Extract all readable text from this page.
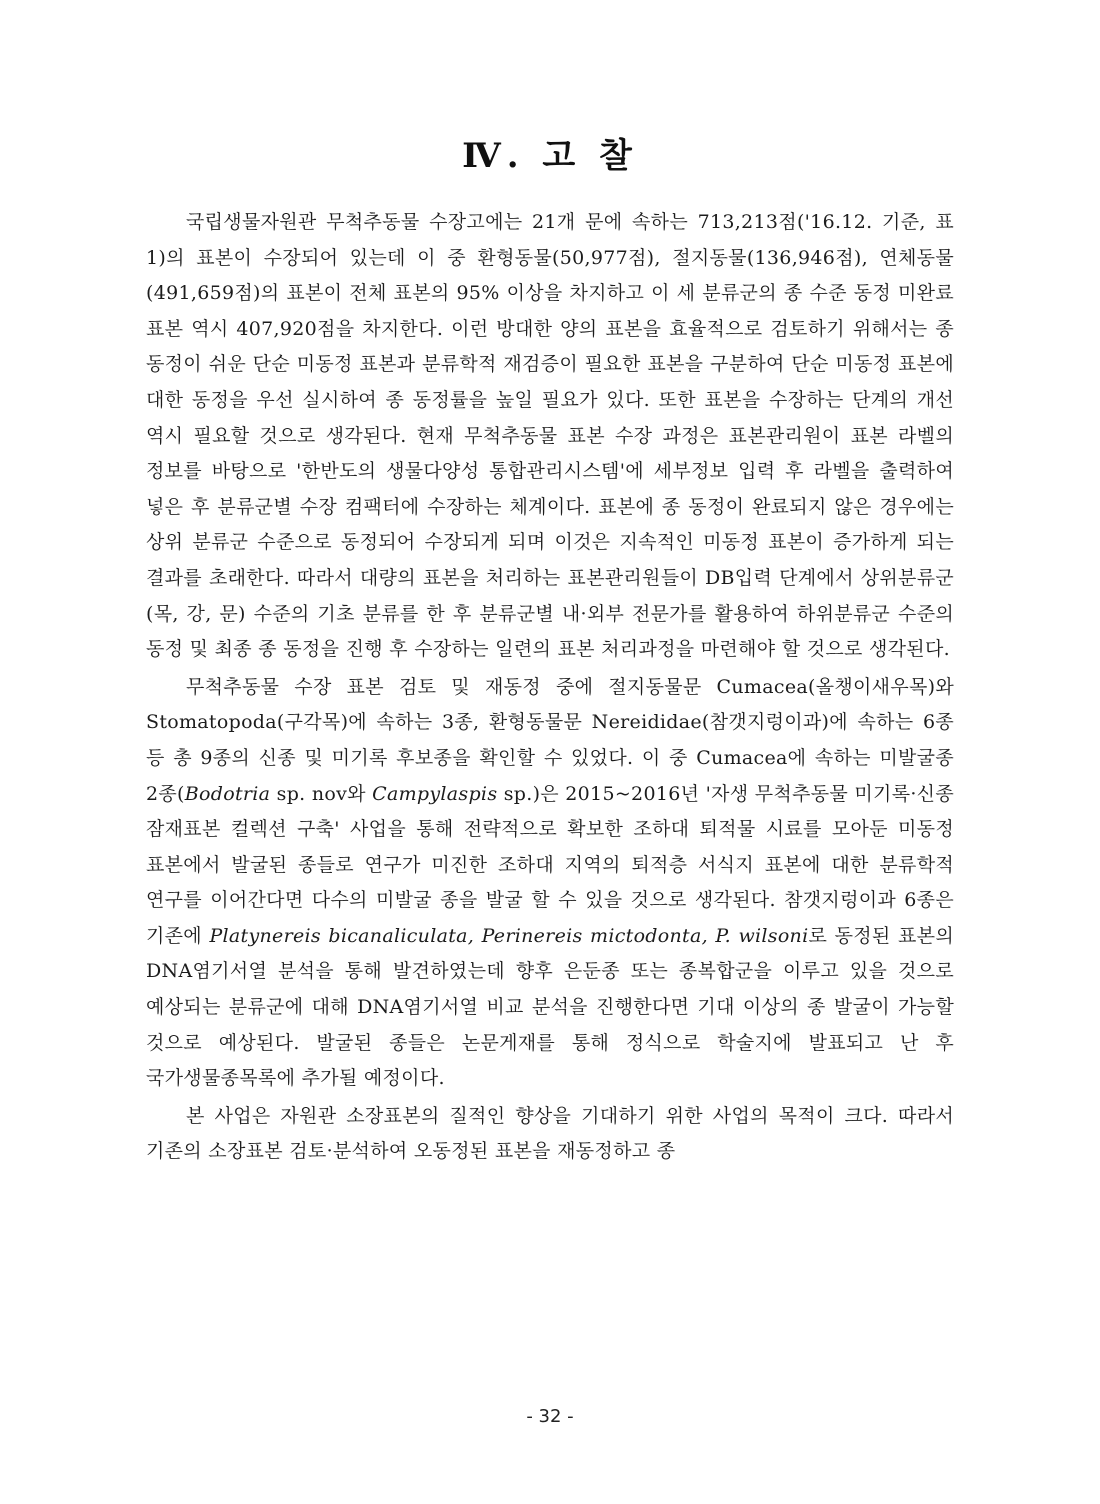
Ⅳ. 고 찰

국립생물자원관 무척추동물 수장고에는 21개 문에 속하는 713,213점('16.12. 기준, 표 1)의 표본이 수장되어 있는데 이 중 환형동물(50,977점), 절지동물(136,946점), 연체동물(491,659점)의 표본이 전체 표본의 95% 이상을 차지하고 이 세 분류군의 종 수준 동정 미완료 표본 역시 407,920점을 차지한다. 이런 방대한 양의 표본을 효율적으로 검토하기 위해서는 종 동정이 쉬운 단순 미동정 표본과 분류학적 재검증이 필요한 표본을 구분하여 단순 미동정 표본에 대한 동정을 우선 실시하여 종 동정률을 높일 필요가 있다. 또한 표본을 수장하는 단계의 개선 역시 필요할 것으로 생각된다. 현재 무척추동물 표본 수장 과정은 표본관리원이 표본 라벨의 정보를 바탕으로 '한반도의 생물다양성 통합관리시스템'에 세부정보 입력 후 라벨을 출력하여 넣은 후 분류군별 수장 컴팩터에 수장하는 체계이다. 표본에 종 동정이 완료되지 않은 경우에는 상위 분류군 수준으로 동정되어 수장되게 되며 이것은 지속적인 미동정 표본이 증가하게 되는 결과를 초래한다. 따라서 대량의 표본을 처리하는 표본관리원들이 DB입력 단계에서 상위분류군(목, 강, 문) 수준의 기초 분류를 한 후 분류군별 내·외부 전문가를 활용하여 하위분류군 수준의 동정 및 최종 종 동정을 진행 후 수장하는 일련의 표본 처리과정을 마련해야 할 것으로 생각된다.

무척추동물 수장 표본 검토 및 재동정 중에 절지동물문 Cumacea(올챙이새우목)와 Stomatopoda(구각목)에 속하는 3종, 환형동물문 Nereididae(참갯지렁이과)에 속하는 6종 등 총 9종의 신종 및 미기록 후보종을 확인할 수 있었다. 이 중 Cumacea에 속하는 미발굴종 2종(Bodotria sp. nov와 Campylaspis sp.)은 2015~2016년 '자생 무척추동물 미기록·신종 잠재표본 컬렉션 구축' 사업을 통해 전략적으로 확보한 조하대 퇴적물 시료를 모아둔 미동정 표본에서 발굴된 종들로 연구가 미진한 조하대 지역의 퇴적층 서식지 표본에 대한 분류학적 연구를 이어간다면 다수의 미발굴 종을 발굴 할 수 있을 것으로 생각된다. 참갯지렁이과 6종은 기존에 Platynereis bicanaliculata, Perinereis mictodonta, P. wilsoni로 동정된 표본의 DNA염기서열 분석을 통해 발견하였는데 향후 은둔종 또는 종복합군을 이루고 있을 것으로 예상되는 분류군에 대해 DNA염기서열 비교 분석을 진행한다면 기대 이상의 종 발굴이 가능할 것으로 예상된다. 발굴된 종들은 논문게재를 통해 정식으로 학술지에 발표되고 난 후 국가생물종목록에 추가될 예정이다.

본 사업은 자원관 소장표본의 질적인 향상을 기대하기 위한 사업의 목적이 크다. 따라서 기존의 소장표본 검토·분석하여 오동정된 표본을 재동정하고 종

- 32 -
